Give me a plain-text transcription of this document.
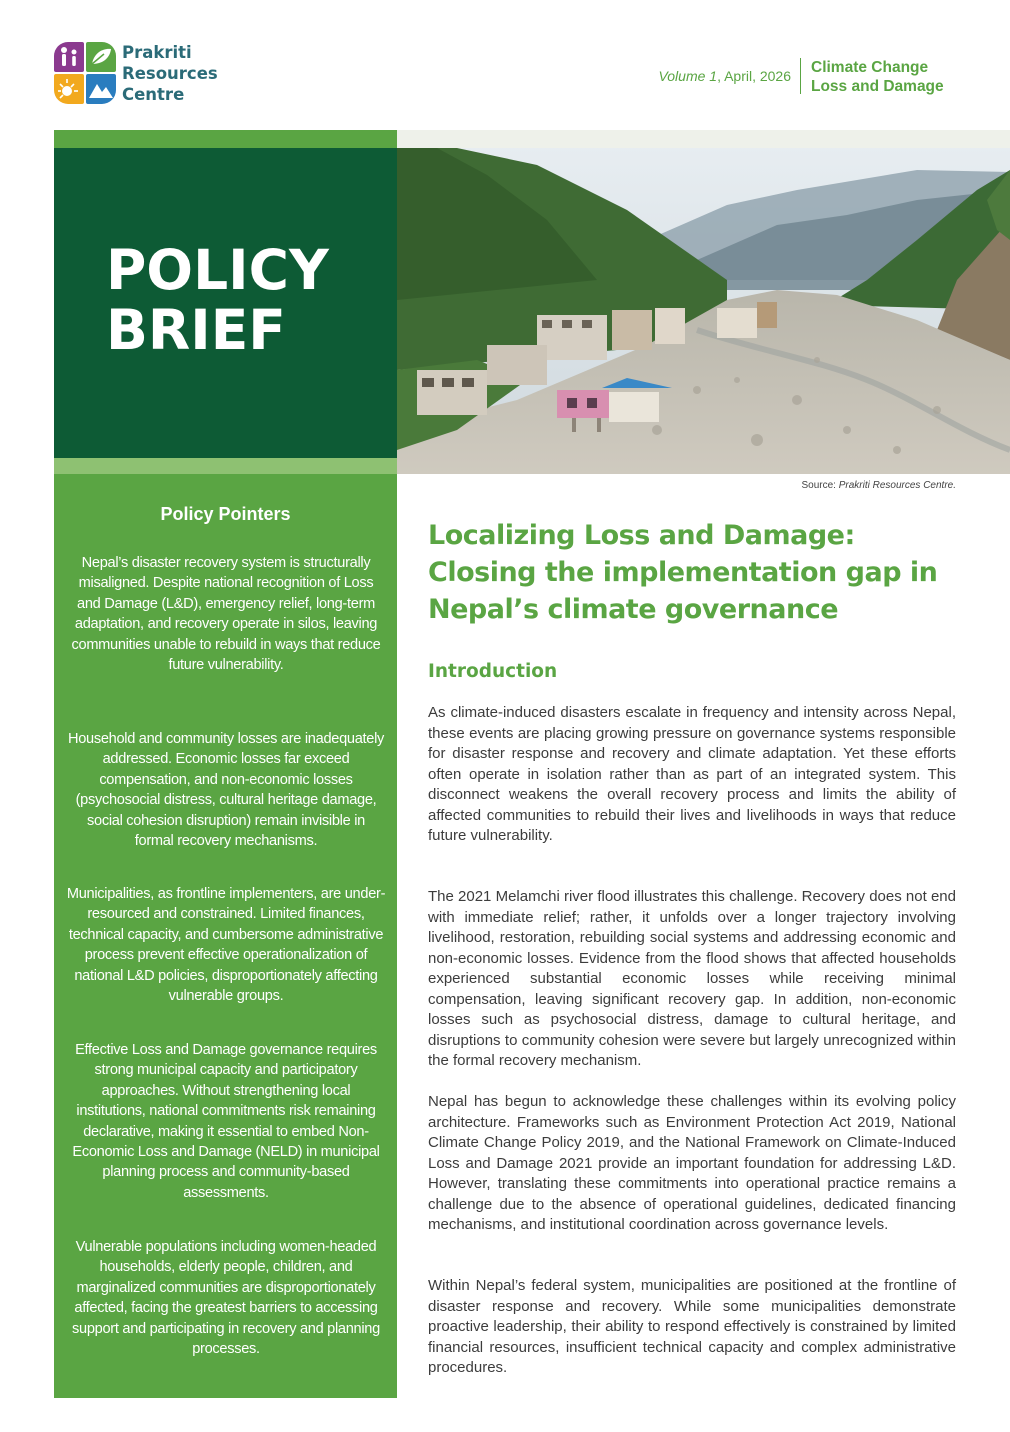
Prakriti
Resources
Centre
Volume 1, April, 2026 Climate Change
Loss and Damage
POLICY
BRIEF
Source: Prakriti Resources Centre.
Policy Pointers
Nepal’s disaster recovery system is structurally misaligned. Despite national recognition of Loss and Damage (L&D), emergency relief, long-term adaptation, and recovery operate in silos, leaving communities unable to rebuild in ways that reduce future vulnerability.
Household and community losses are inadequately addressed. Economic losses far exceed compensation, and non-economic losses (psychosocial distress, cultural heritage damage, social cohesion disruption) remain invisible in formal recovery mechanisms.
Municipalities, as frontline implementers, are under-resourced and constrained. Limited finances, technical capacity, and cumbersome administrative process prevent effective operationalization of national L&D policies, disproportionately affecting vulnerable groups.
Effective Loss and Damage governance requires strong municipal capacity and participatory approaches. Without strengthening local institutions, national commitments risk remaining declarative, making it essential to embed Non-Economic Loss and Damage (NELD) in municipal planning process and community-based assessments.
Vulnerable populations including women-headed households, elderly people, children, and marginalized communities are disproportionately affected, facing the greatest barriers to accessing support and participating in recovery and planning processes.
Localizing Loss and Damage:
Closing the implementation gap in
Nepal’s climate governance
Introduction
As climate-induced disasters escalate in frequency and intensity across Nepal, these events are placing growing pressure on governance systems responsible for disaster response and recovery and climate adaptation. Yet these efforts often operate in isolation rather than as part of an integrated system. This disconnect weakens the overall recovery process and limits the ability of affected communities to rebuild their lives and livelihoods in ways that reduce future vulnerability.
The 2021 Melamchi river flood illustrates this challenge. Recovery does not end with immediate relief; rather, it unfolds over a longer trajectory involving livelihood, restoration, rebuilding social systems and addressing economic and non-economic losses. Evidence from the flood shows that affected households experienced substantial economic losses while receiving minimal compensation, leaving significant recovery gap. In addition, non-economic losses such as psychosocial distress, damage to cultural heritage, and disruptions to community cohesion were severe but largely unrecognized within the formal recovery mechanism.
Nepal has begun to acknowledge these challenges within its evolving policy architecture. Frameworks such as Environment Protection Act 2019, National Climate Change Policy 2019, and the National Framework on Climate-Induced Loss and Damage 2021 provide an important foundation for addressing L&D. However, translating these commitments into operational practice remains a challenge due to the absence of operational guidelines, dedicated financing mechanisms, and institutional coordination across governance levels.
Within Nepal’s federal system, municipalities are positioned at the frontline of disaster response and recovery. While some municipalities demonstrate proactive leadership, their ability to respond effectively is constrained by limited financial resources, insufficient technical capacity and complex administrative procedures.
